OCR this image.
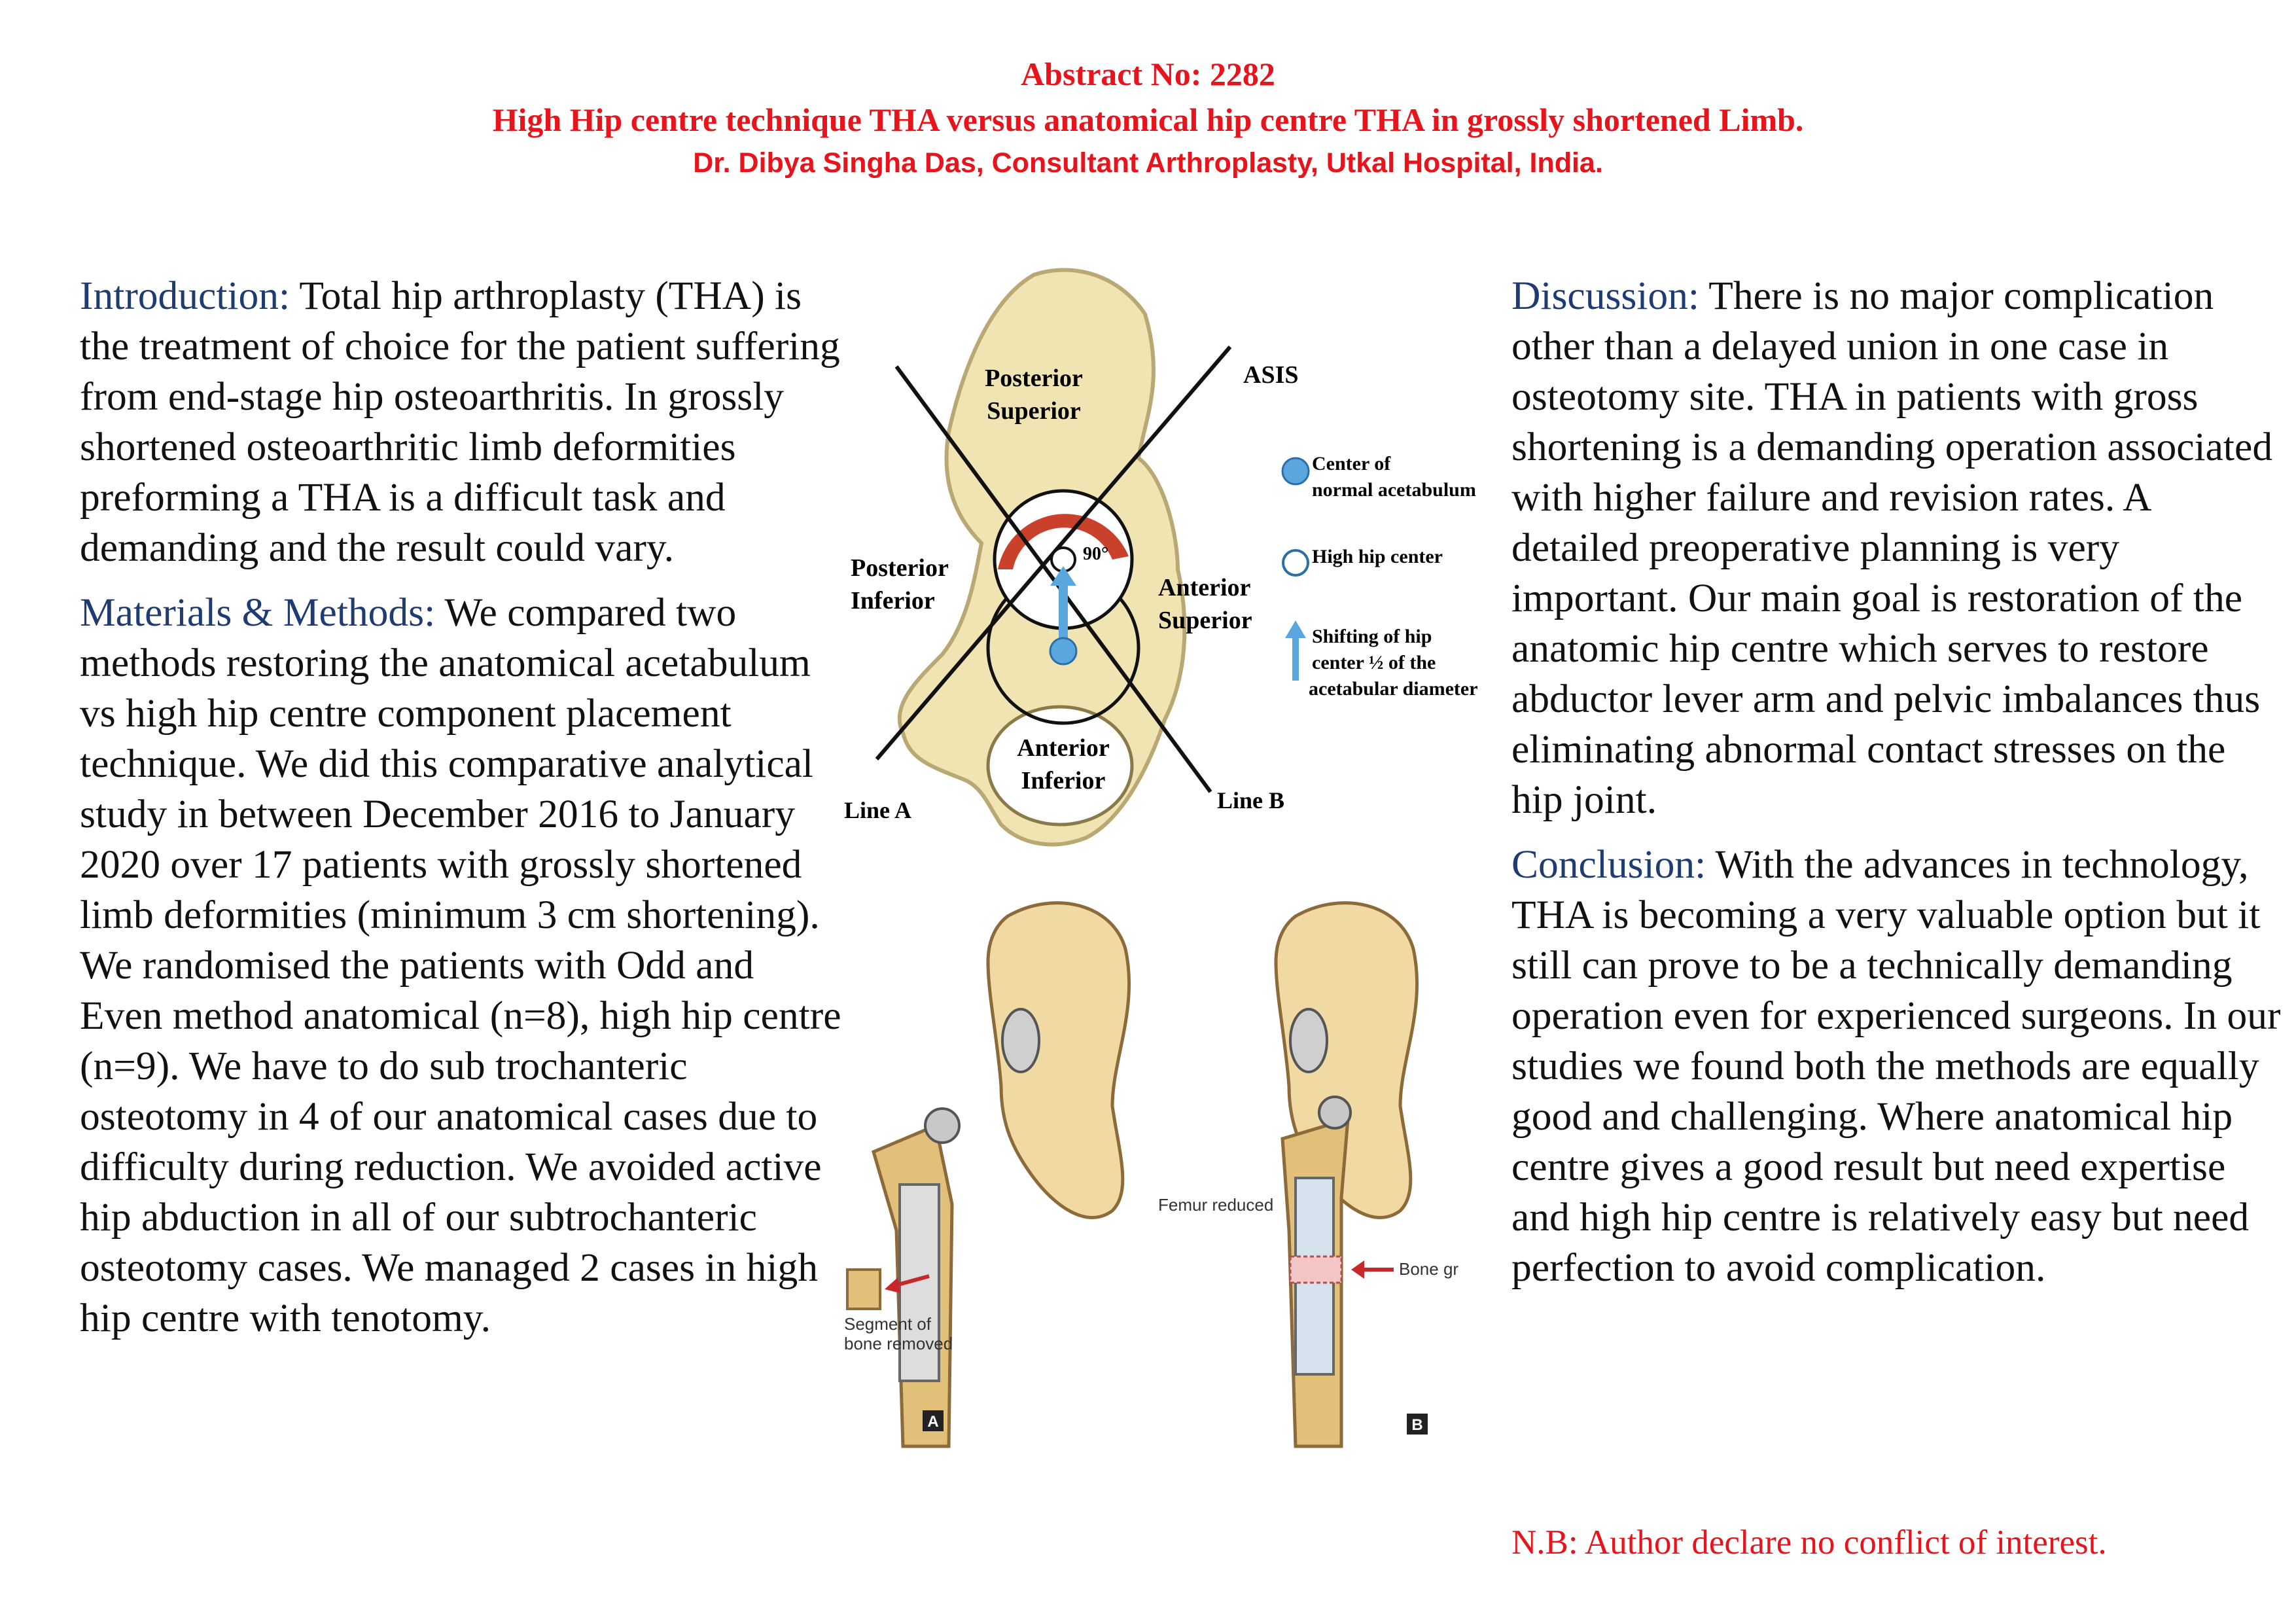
Abstract No: 2282
High Hip centre technique THA versus anatomical hip centre THA in grossly shortened Limb.
Dr. Dibya Singha Das, Consultant Arthroplasty, Utkal Hospital, India.

Introduction: Total hip arthroplasty (THA) is the treatment of choice for the patient suffering from end-stage hip osteoarthritis. In grossly shortened osteoarthritic limb deformities preforming a THA is a difficult task and demanding and the result could vary.

Materials & Methods: We compared two methods restoring the anatomical acetabulum vs high hip centre component placement technique. We did this comparative analytical study in between December 2016 to January 2020 over 17 patients with grossly shortened limb deformities (minimum 3 cm shortening). We randomised the patients with Odd and Even method anatomical (n=8), high hip centre (n=9). We have to do sub trochanteric osteotomy in 4 of our anatomical cases due to difficulty during reduction. We avoided active hip abduction in all of our subtrochanteric osteotomy cases. We managed 2 cases in high hip centre with tenotomy.

Discussion: There is no major complication other than a delayed union in one case in osteotomy site. THA in patients with gross shortening is a demanding operation associated with higher failure and revision rates. A detailed preoperative planning is very important. Our main goal is restoration of the anatomic hip centre which serves to restore abductor lever arm and pelvic imbalances thus eliminating abnormal contact stresses on the hip joint.

Conclusion: With the advances in technology, THA is becoming a very valuable option but it still can prove to be a technically demanding operation even for experienced surgeons. In our studies we found both the methods are equally good and challenging. Where anatomical hip centre gives a good result but need expertise and high hip centre is relatively easy but need perfection to avoid complication.

N.B: Author declare no conflict of interest.
Posterior
Superior
ASIS
90°
Posterior
Inferior	Anterior
Superior
Anterior
Inferior
Line A	Line B
Center of
normal acetabulum
High hip center
Shifting of hip
center ½ of the
acetabular diameter
Segment of
bone removed
A
Femur reduced
Bone gr
B
